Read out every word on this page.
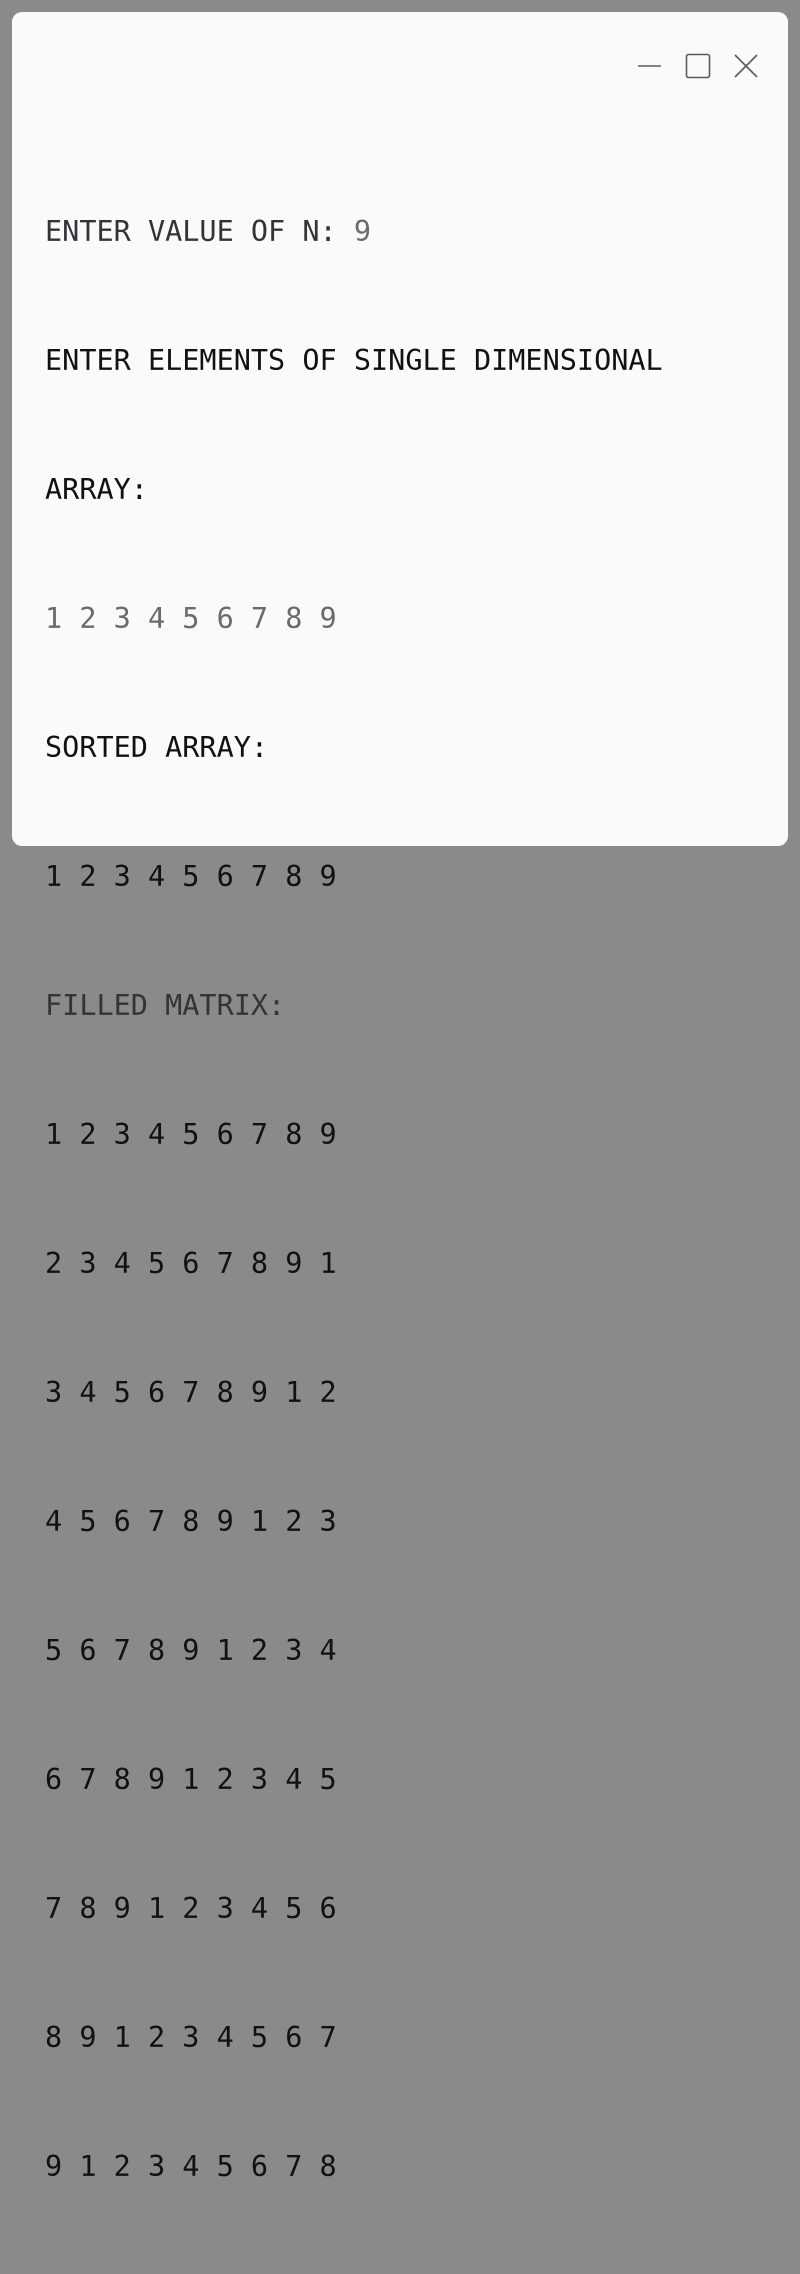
ENTER VALUE OF N: 9

ENTER ELEMENTS OF SINGLE DIMENSIONAL

ARRAY:

1 2 3 4 5 6 7 8 9

SORTED ARRAY:

1 2 3 4 5 6 7 8 9

FILLED MATRIX:

1 2 3 4 5 6 7 8 9

2 3 4 5 6 7 8 9 1

3 4 5 6 7 8 9 1 2

4 5 6 7 8 9 1 2 3

5 6 7 8 9 1 2 3 4

6 7 8 9 1 2 3 4 5

7 8 9 1 2 3 4 5 6

8 9 1 2 3 4 5 6 7

9 1 2 3 4 5 6 7 8
